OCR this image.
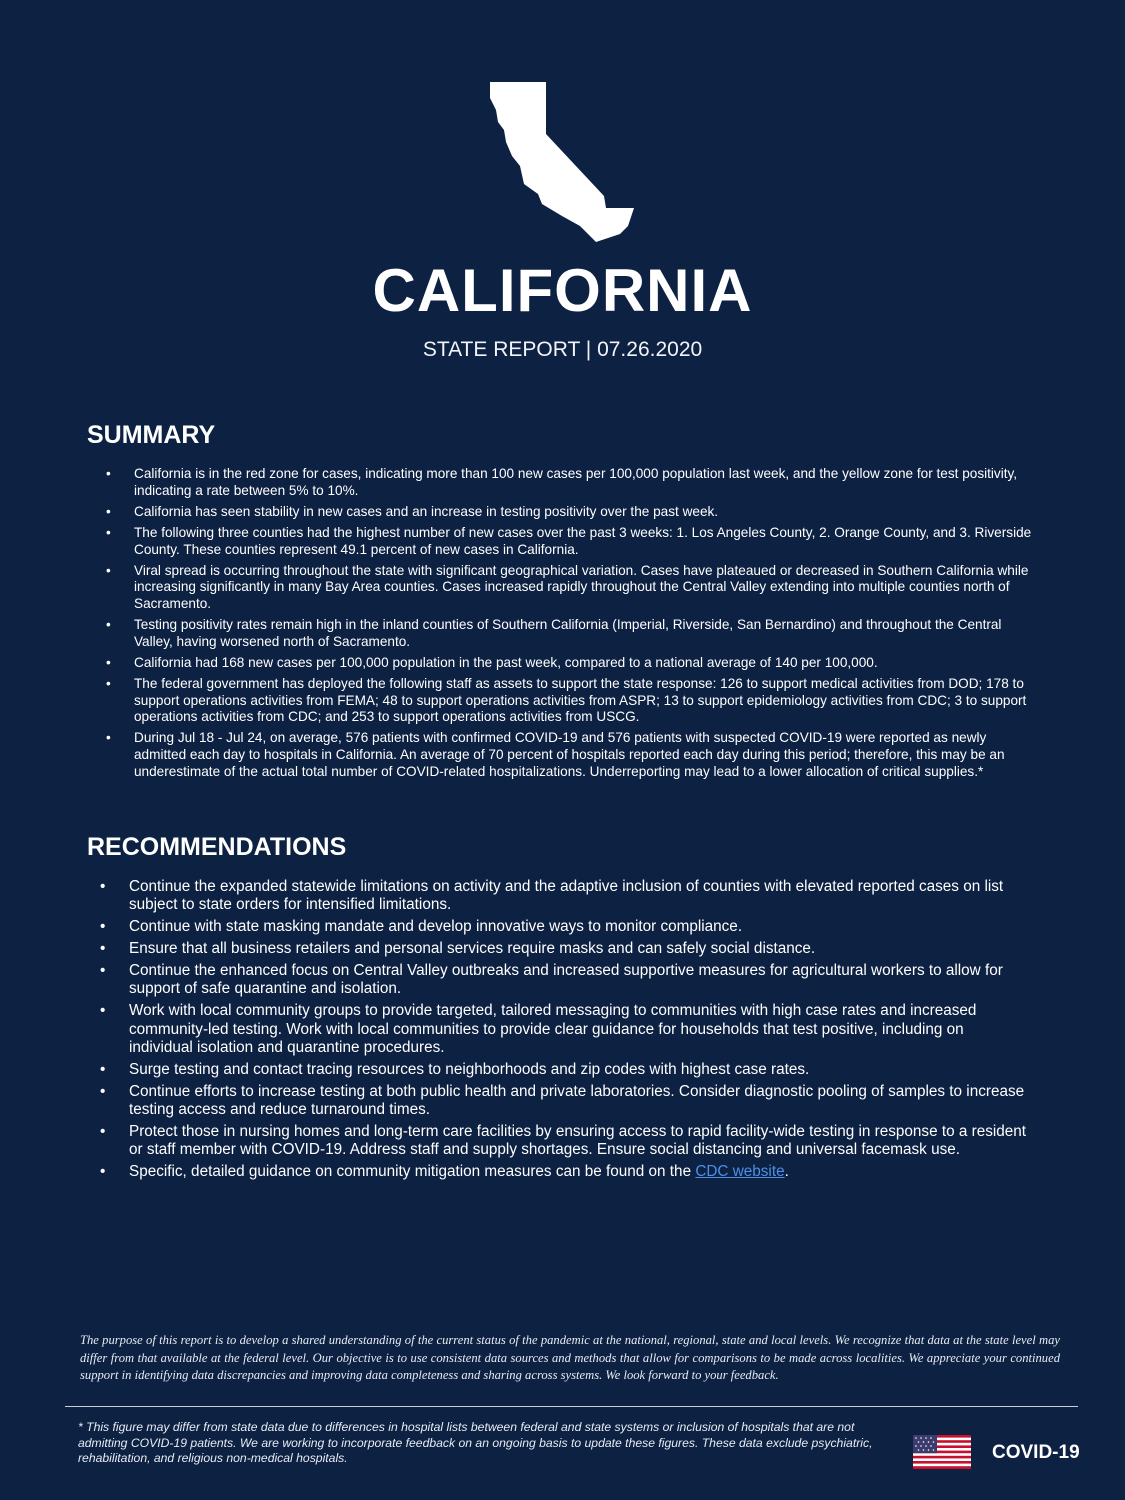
CALIFORNIA
STATE REPORT | 07.26.2020
SUMMARY
• California is in the red zone for cases, indicating more than 100 new cases per 100,000 population last week, and the yellow zone for test positivity, indicating a rate between 5% to 10%.
• California has seen stability in new cases and an increase in testing positivity over the past week.
• The following three counties had the highest number of new cases over the past 3 weeks: 1. Los Angeles County, 2. Orange County, and 3. Riverside County. These counties represent 49.1 percent of new cases in California.
• Viral spread is occurring throughout the state with significant geographical variation. Cases have plateaued or decreased in Southern California while increasing significantly in many Bay Area counties. Cases increased rapidly throughout the Central Valley extending into multiple counties north of Sacramento.
• Testing positivity rates remain high in the inland counties of Southern California (Imperial, Riverside, San Bernardino) and throughout the Central Valley, having worsened north of Sacramento.
• California had 168 new cases per 100,000 population in the past week, compared to a national average of 140 per 100,000.
• The federal government has deployed the following staff as assets to support the state response: 126 to support medical activities from DOD; 178 to support operations activities from FEMA; 48 to support operations activities from ASPR; 13 to support epidemiology activities from CDC; 3 to support operations activities from CDC; and 253 to support operations activities from USCG.
• During Jul 18 - Jul 24, on average, 576 patients with confirmed COVID-19 and 576 patients with suspected COVID-19 were reported as newly admitted each day to hospitals in California. An average of 70 percent of hospitals reported each day during this period; therefore, this may be an underestimate of the actual total number of COVID-related hospitalizations. Underreporting may lead to a lower allocation of critical supplies.*
RECOMMENDATIONS
• Continue the expanded statewide limitations on activity and the adaptive inclusion of counties with elevated reported cases on list subject to state orders for intensified limitations.
• Continue with state masking mandate and develop innovative ways to monitor compliance.
• Ensure that all business retailers and personal services require masks and can safely social distance.
• Continue the enhanced focus on Central Valley outbreaks and increased supportive measures for agricultural workers to allow for support of safe quarantine and isolation.
• Work with local community groups to provide targeted, tailored messaging to communities with high case rates and increased community-led testing. Work with local communities to provide clear guidance for households that test positive, including on individual isolation and quarantine procedures.
• Surge testing and contact tracing resources to neighborhoods and zip codes with highest case rates.
• Continue efforts to increase testing at both public health and private laboratories. Consider diagnostic pooling of samples to increase testing access and reduce turnaround times.
• Protect those in nursing homes and long-term care facilities by ensuring access to rapid facility-wide testing in response to a resident or staff member with COVID-19. Address staff and supply shortages. Ensure social distancing and universal facemask use.
• Specific, detailed guidance on community mitigation measures can be found on the CDC website.
The purpose of this report is to develop a shared understanding of the current status of the pandemic at the national, regional, state and local levels. We recognize that data at the state level may differ from that available at the federal level. Our objective is to use consistent data sources and methods that allow for comparisons to be made across localities. We appreciate your continued support in identifying data discrepancies and improving data completeness and sharing across systems. We look forward to your feedback.
* This figure may differ from state data due to differences in hospital lists between federal and state systems or inclusion of hospitals that are not admitting COVID-19 patients. We are working to incorporate feedback on an ongoing basis to update these figures. These data exclude psychiatric, rehabilitation, and religious non-medical hospitals.	COVID-19
